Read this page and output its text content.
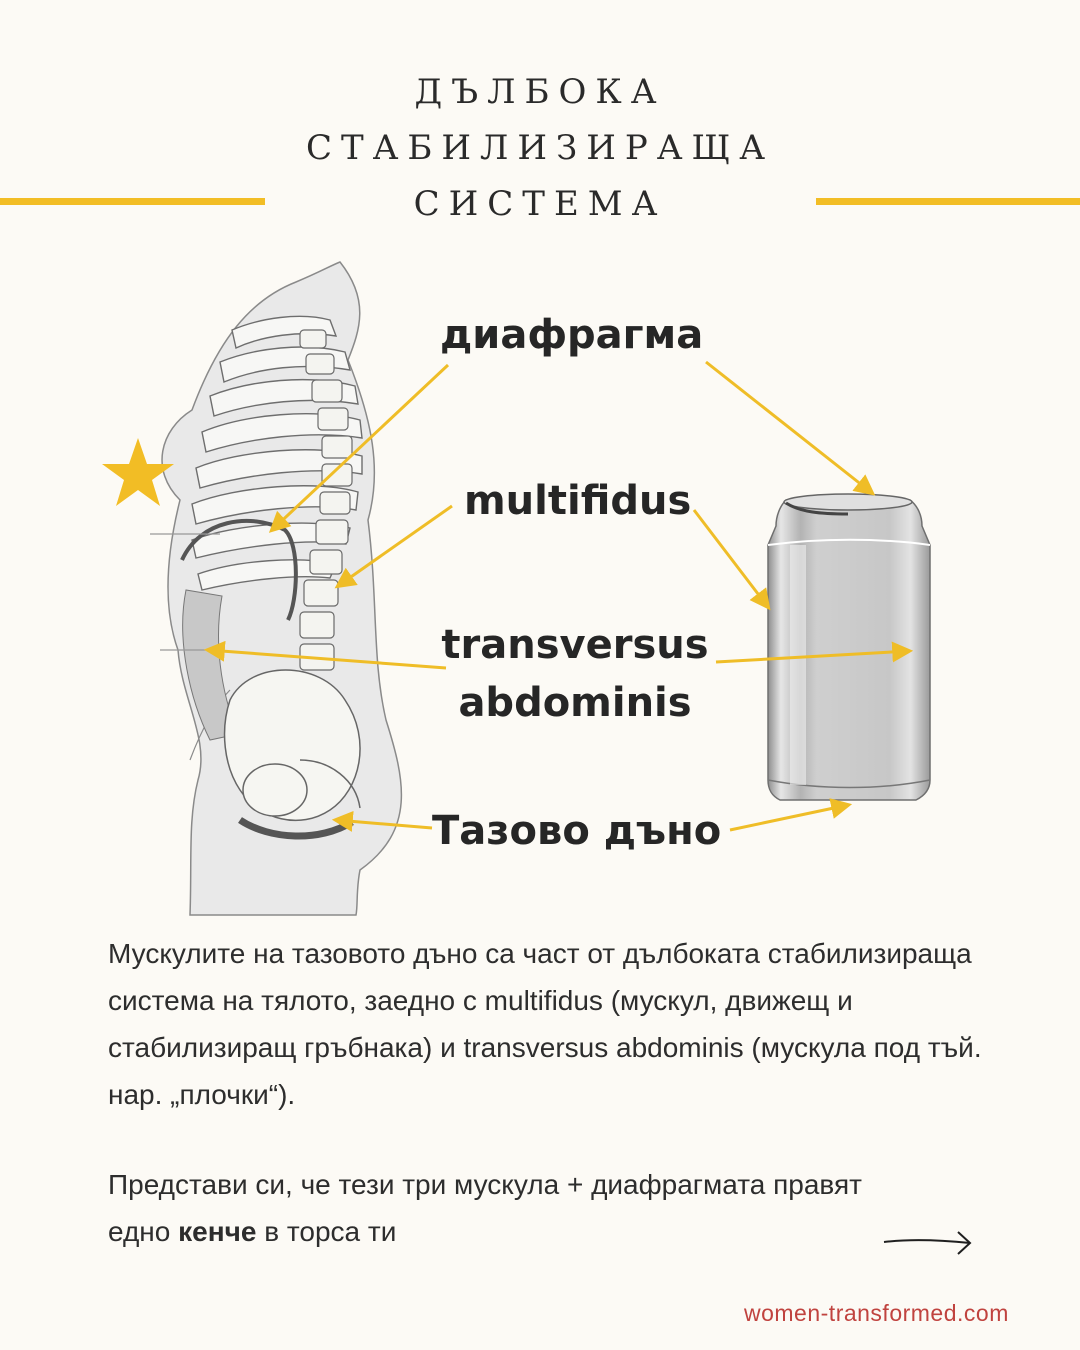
ДЪЛБОКА
СТАБИЛИЗИРАЩА
СИСТЕМА
диафрагма
multifidus
transversus
abdominis
Тазово дъно
Мускулите на тазовото дъно са част от дълбоката стабилизираща система на тялото, заедно с multifidus (мускул, движещ и стабилизиращ гръбнака) и transversus abdominis (мускула под тъй. нар. „плочки“).
Представи си, че тези три мускула + диафрагмата правят едно кенче в торса ти
women-transformed.com
